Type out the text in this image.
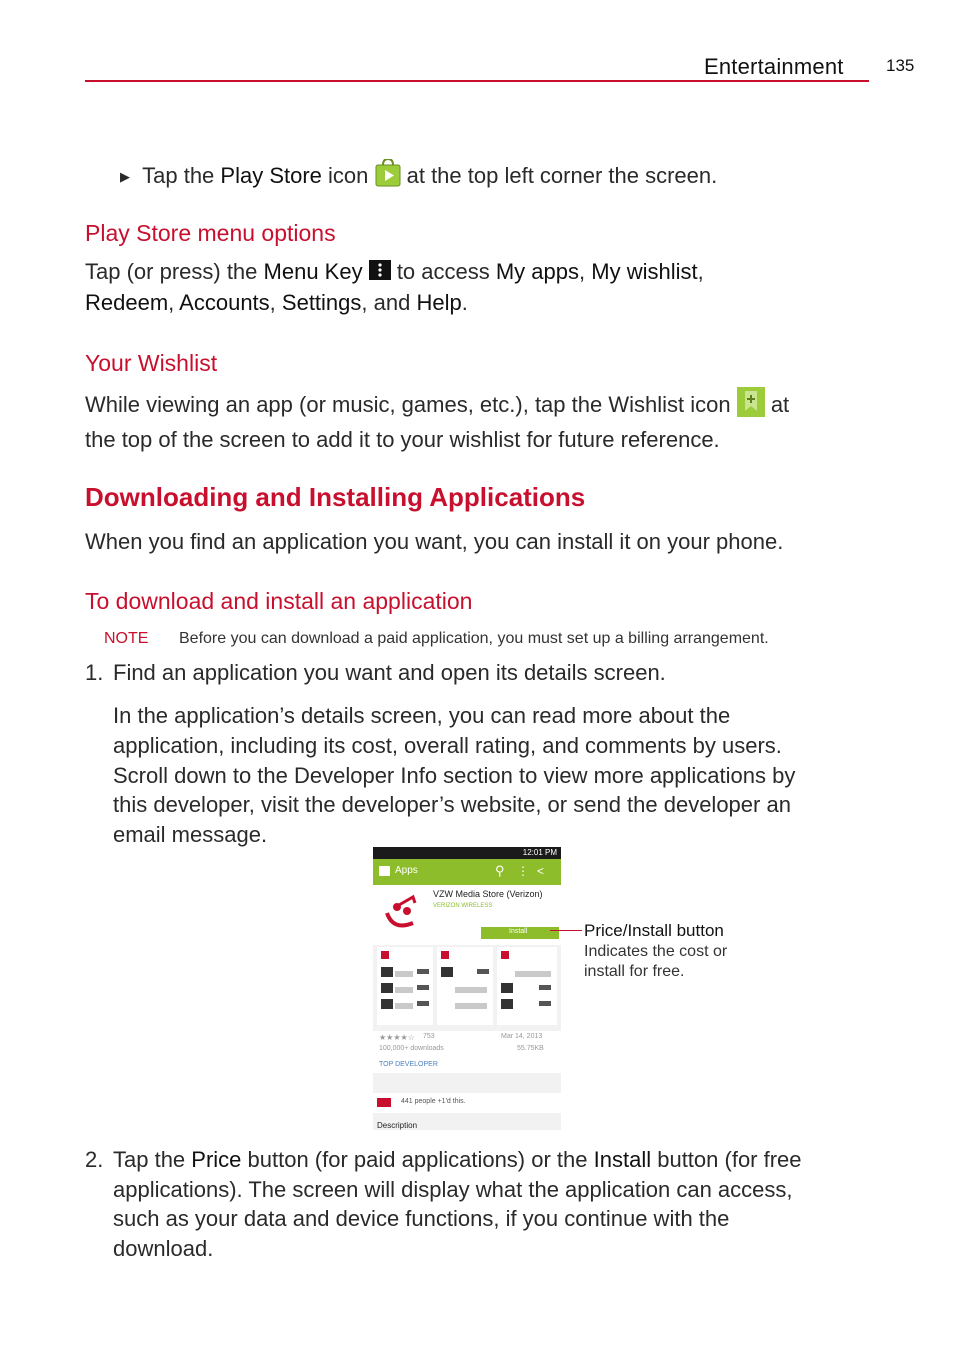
Entertainment 135
▶ Tap the Play Store icon  at the top left corner the screen.
Play Store menu options
Tap (or press) the Menu Key  to access My apps, My wishlist,
Redeem, Accounts, Settings, and Help.
Your Wishlist
While viewing an app (or music, games, etc.), tap the Wishlist icon  at
the top of the screen to add it to your wishlist for future reference.
Downloading and Installing Applications
When you find an application you want, you can install it on your phone.
To download and install an application
NOTE Before you can download a paid application, you must set up a billing arrangement.
1. Find an application you want and open its details screen.
In the application’s details screen, you can read more about the
application, including its cost, overall rating, and comments by users.
Scroll down to the Developer Info section to view more applications by
this developer, visit the developer’s website, or send the developer an
email message.
12:01 PM
Apps	⚲ ⋮ <
VZW Media Store (Verizon)
VERIZON WIRELESS
Install
★★★★☆ 753	Mar 14, 2013
100,000+ downloads	55.75KB
TOP DEVELOPER
441 people +1'd this.
Description
Price/Install button
Indicates the cost or
install for free.
2. Tap the Price button (for paid applications) or the Install button (for free
applications). The screen will display what the application can access,
such as your data and device functions, if you continue with the
download.
